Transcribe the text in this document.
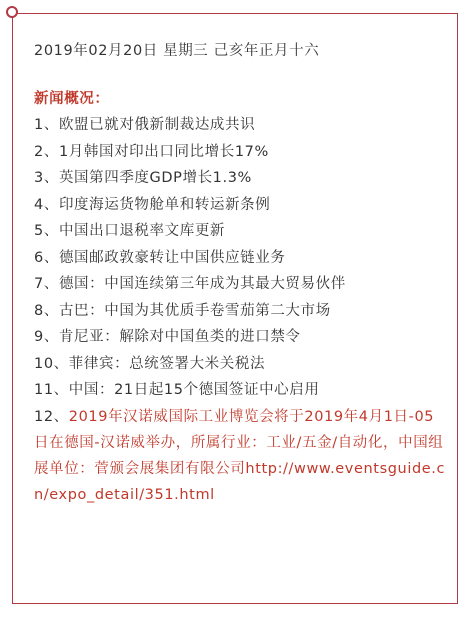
2019年02月20日 星期三 己亥年正月十六
新闻概况：
1、欧盟已就对俄新制裁达成共识
2、1月韩国对印出口同比增长17%
3、英国第四季度GDP增长1.3%
4、印度海运货物舱单和转运新条例
5、中国出口退税率文库更新
6、德国邮政敦豪转让中国供应链业务
7、德国：中国连续第三年成为其最大贸易伙伴
8、古巴：中国为其优质手卷雪茄第二大市场
9、肯尼亚：解除对中国鱼类的进口禁令
10、菲律宾：总统签署大米关税法
11、中国：21日起15个德国签证中心启用
12、2019年汉诺威国际工业博览会将于2019年4月1日-05日在德国-汉诺威举办，所属行业：工业/五金/自动化，中国组展单位：菅颁会展集团有限公司http://www.eventsguide.cn/expo_detail/351.html
